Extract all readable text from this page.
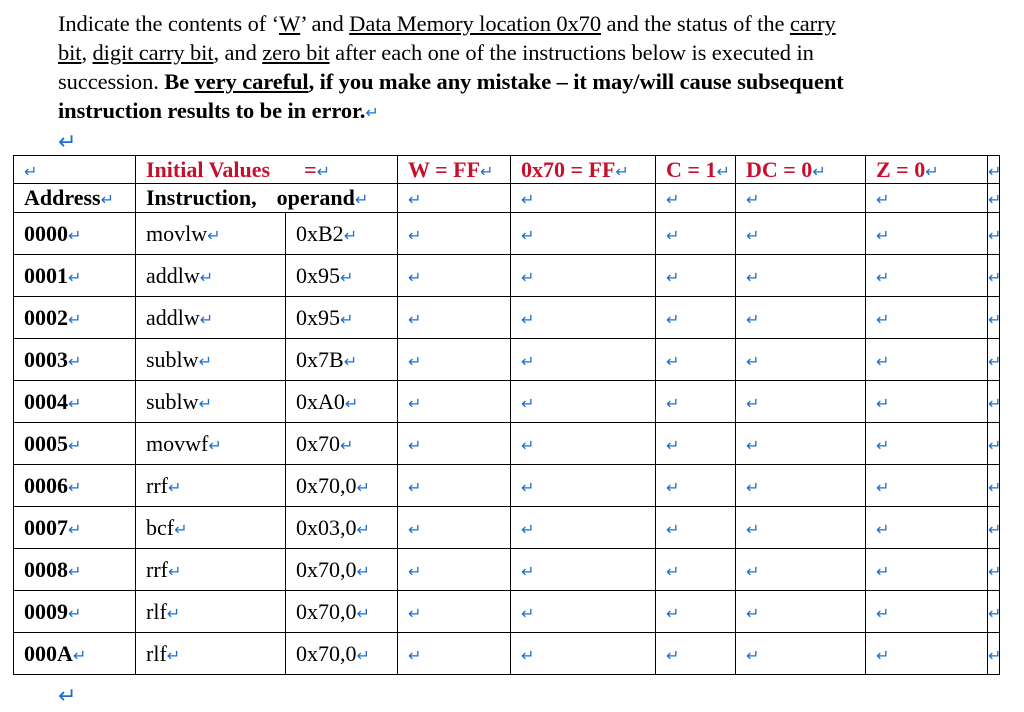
Indicate the contents of ‘W’ and Data Memory location 0x70 and the status of the carry
bit, digit carry bit, and zero bit after each one of the instructions below is executed in
succession. Be very careful, if you make any mistake – it may/will cause subsequent
instruction results to be in error.↵
↵
↵	Initial Values =↵		W = FF↵	0x70 = FF↵	C = 1↵	DC = 0↵	Z = 0↵	↵
Address↵	Instruction, operand↵		↵	↵	↵	↵	↵	↵
0000↵	movlw↵	0xB2↵	↵	↵	↵	↵	↵	↵
0001↵	addlw↵	0x95↵	↵	↵	↵	↵	↵	↵
0002↵	addlw↵	0x95↵	↵	↵	↵	↵	↵	↵
0003↵	sublw↵	0x7B↵	↵	↵	↵	↵	↵	↵
0004↵	sublw↵	0xA0↵	↵	↵	↵	↵	↵	↵
0005↵	movwf↵	0x70↵	↵	↵	↵	↵	↵	↵
0006↵	rrf↵	0x70,0↵	↵	↵	↵	↵	↵	↵
0007↵	bcf↵	0x03,0↵	↵	↵	↵	↵	↵	↵
0008↵	rrf↵	0x70,0↵	↵	↵	↵	↵	↵	↵
0009↵	rlf↵	0x70,0↵	↵	↵	↵	↵	↵	↵
000A↵	rlf↵	0x70,0↵	↵	↵	↵	↵	↵	↵
↵
